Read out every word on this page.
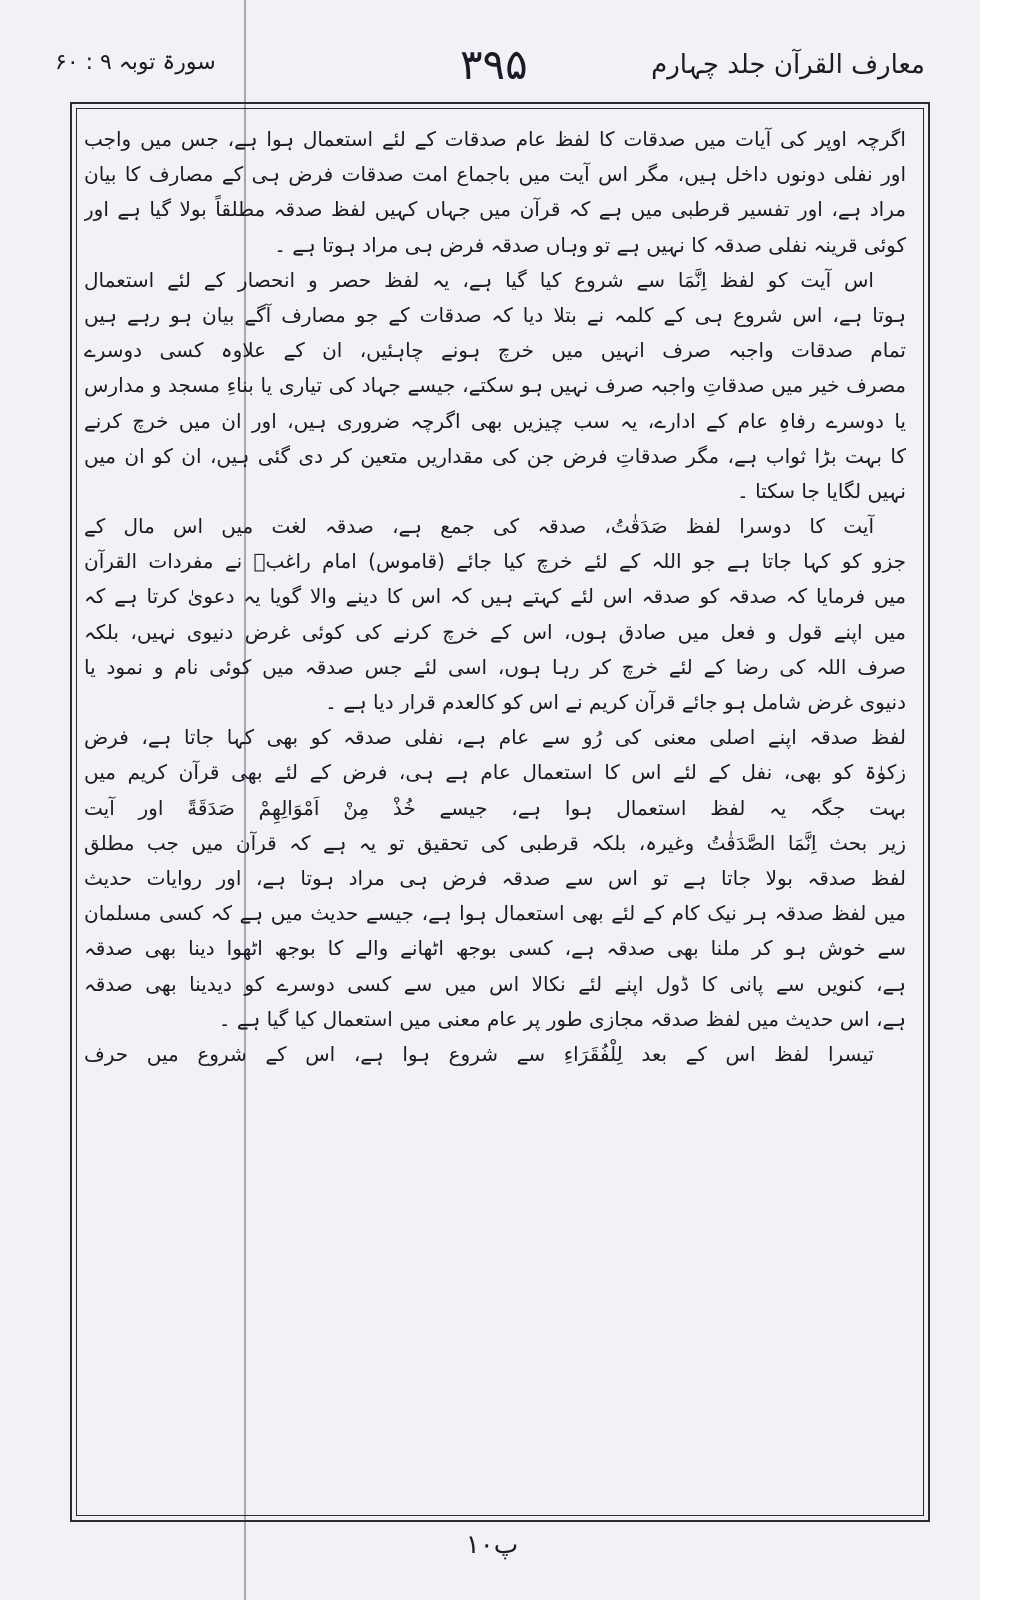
معارف القرآن جلد چہارم
۳۹۵
سورۃ توبہ ۹ : ۶۰
اگرچہ اوپر کی آیات میں صدقات کا لفظ عام صدقات کے لئے استعمال ہوا ہے، جس میں واجب
اور نفلی دونوں داخل ہیں، مگر اس آیت میں باجماع امت صدقات فرض ہی کے مصارف کا بیان
مراد ہے، اور تفسیر قرطبی میں ہے کہ قرآن میں جہاں کہیں لفظ صدقہ مطلقاً بولا گیا ہے اور
کوئی قرینہ نفلی صدقہ کا نہیں ہے تو وہاں صدقہ فرض ہی مراد ہوتا ہے ۔
اس آیت کو لفظ اِنَّمَا سے شروع کیا گیا ہے، یہ لفظ حصر و انحصار کے لئے استعمال
ہوتا ہے، اس شروع ہی کے کلمہ نے بتلا دیا کہ صدقات کے جو مصارف آگے بیان ہو رہے ہیں
تمام صدقات واجبہ صرف انہیں میں خرچ ہونے چاہئیں، ان کے علاوہ کسی دوسرے
مصرف خیر میں صدقاتِ واجبہ صرف نہیں ہو سکتے، جیسے جہاد کی تیاری یا بناءِ مسجد و مدارس
یا دوسرے رفاہِ عام کے ادارے، یہ سب چیزیں بھی اگرچہ ضروری ہیں، اور ان میں خرچ کرنے
کا بہت بڑا ثواب ہے، مگر صدقاتِ فرض جن کی مقداریں متعین کر دی گئی ہیں، ان کو ان میں
نہیں لگایا جا سکتا ۔
آیت کا دوسرا لفظ صَدَقٰتُ، صدقہ کی جمع ہے، صدقہ لغت میں اس مال کے
جزو کو کہا جاتا ہے جو اللہ کے لئے خرچ کیا جائے (قاموس) امام راغبؒ نے مفردات القرآن
میں فرمایا کہ صدقہ کو صدقہ اس لئے کہتے ہیں کہ اس کا دینے والا گویا یہ دعویٰ کرتا ہے کہ
میں اپنے قول و فعل میں صادق ہوں، اس کے خرچ کرنے کی کوئی غرض دنیوی نہیں، بلکہ
صرف اللہ کی رضا کے لئے خرچ کر رہا ہوں، اسی لئے جس صدقہ میں کوئی نام و نمود یا
دنیوی غرض شامل ہو جائے قرآن کریم نے اس کو کالعدم قرار دیا ہے ۔
لفظ صدقہ اپنے اصلی معنی کی رُو سے عام ہے، نفلی صدقہ کو بھی کہا جاتا ہے، فرض
زکوٰۃ کو بھی، نفل کے لئے اس کا استعمال عام ہے ہی، فرض کے لئے بھی قرآن کریم میں
بہت جگہ یہ لفظ استعمال ہوا ہے، جیسے خُذْ مِنْ اَمْوَالِهِمْ صَدَقَةً اور آیت
زیر بحث اِنَّمَا الصَّدَقٰتُ وغیرہ، بلکہ قرطبی کی تحقیق تو یہ ہے کہ قرآن میں جب مطلق
لفظ صدقہ بولا جاتا ہے تو اس سے صدقہ فرض ہی مراد ہوتا ہے، اور روایات حدیث
میں لفظ صدقہ ہر نیک کام کے لئے بھی استعمال ہوا ہے، جیسے حدیث میں ہے کہ کسی مسلمان
سے خوش ہو کر ملنا بھی صدقہ ہے، کسی بوجھ اٹھانے والے کا بوجھ اٹھوا دینا بھی صدقہ
ہے، کنویں سے پانی کا ڈول اپنے لئے نکالا اس میں سے کسی دوسرے کو دیدینا بھی صدقہ
ہے، اس حدیث میں لفظ صدقہ مجازی طور پر عام معنی میں استعمال کیا گیا ہے ۔
تیسرا لفظ اس کے بعد لِلْفُقَرَاءِ سے شروع ہوا ہے، اس کے شروع میں حرف
پ۱۰
